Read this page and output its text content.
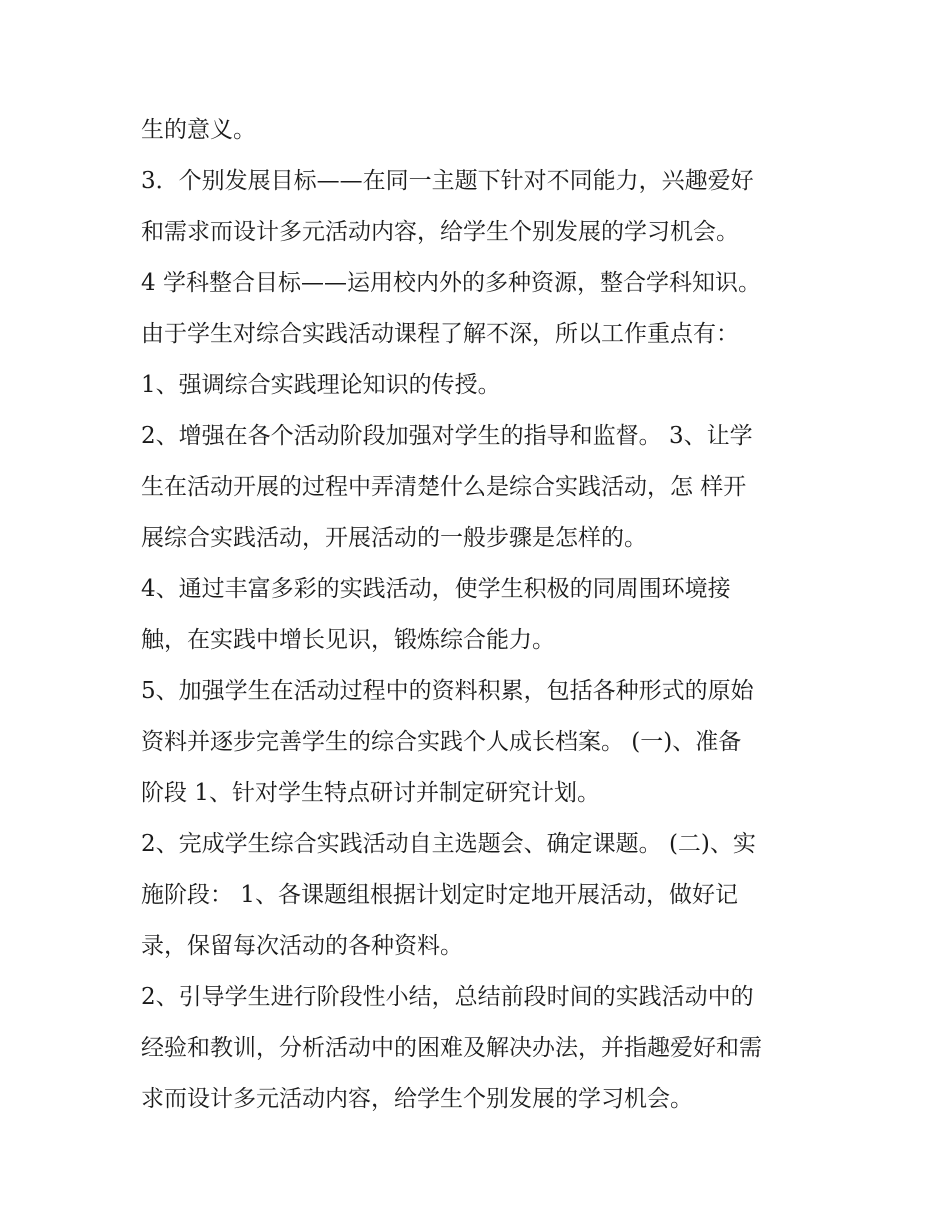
生的意义。
3．个别发展目标——在同一主题下针对不同能力，兴趣爱好
和需求而设计多元活动内容，给学生个别发展的学习机会。
4 学科整合目标——运用校内外的多种资源，整合学科知识。
由于学生对综合实践活动课程了解不深，所以工作重点有：
1、强调综合实践理论知识的传授。
2、增强在各个活动阶段加强对学生的指导和监督。 3、让学
生在活动开展的过程中弄清楚什么是综合实践活动，怎 样开
展综合实践活动，开展活动的一般步骤是怎样的。
4、通过丰富多彩的实践活动，使学生积极的同周围环境接
触，在实践中增长见识，锻炼综合能力。
5、加强学生在活动过程中的资料积累，包括各种形式的原始
资料并逐步完善学生的综合实践个人成长档案。 (一)、准备
阶段 1、针对学生特点研讨并制定研究计划。
2、完成学生综合实践活动自主选题会、确定课题。 (二)、实
施阶段： 1、各课题组根据计划定时定地开展活动，做好记
录，保留每次活动的各种资料。
2、引导学生进行阶段性小结，总结前段时间的实践活动中的
经验和教训，分析活动中的困难及解决办法，并指趣爱好和需
求而设计多元活动内容，给学生个别发展的学习机会。
